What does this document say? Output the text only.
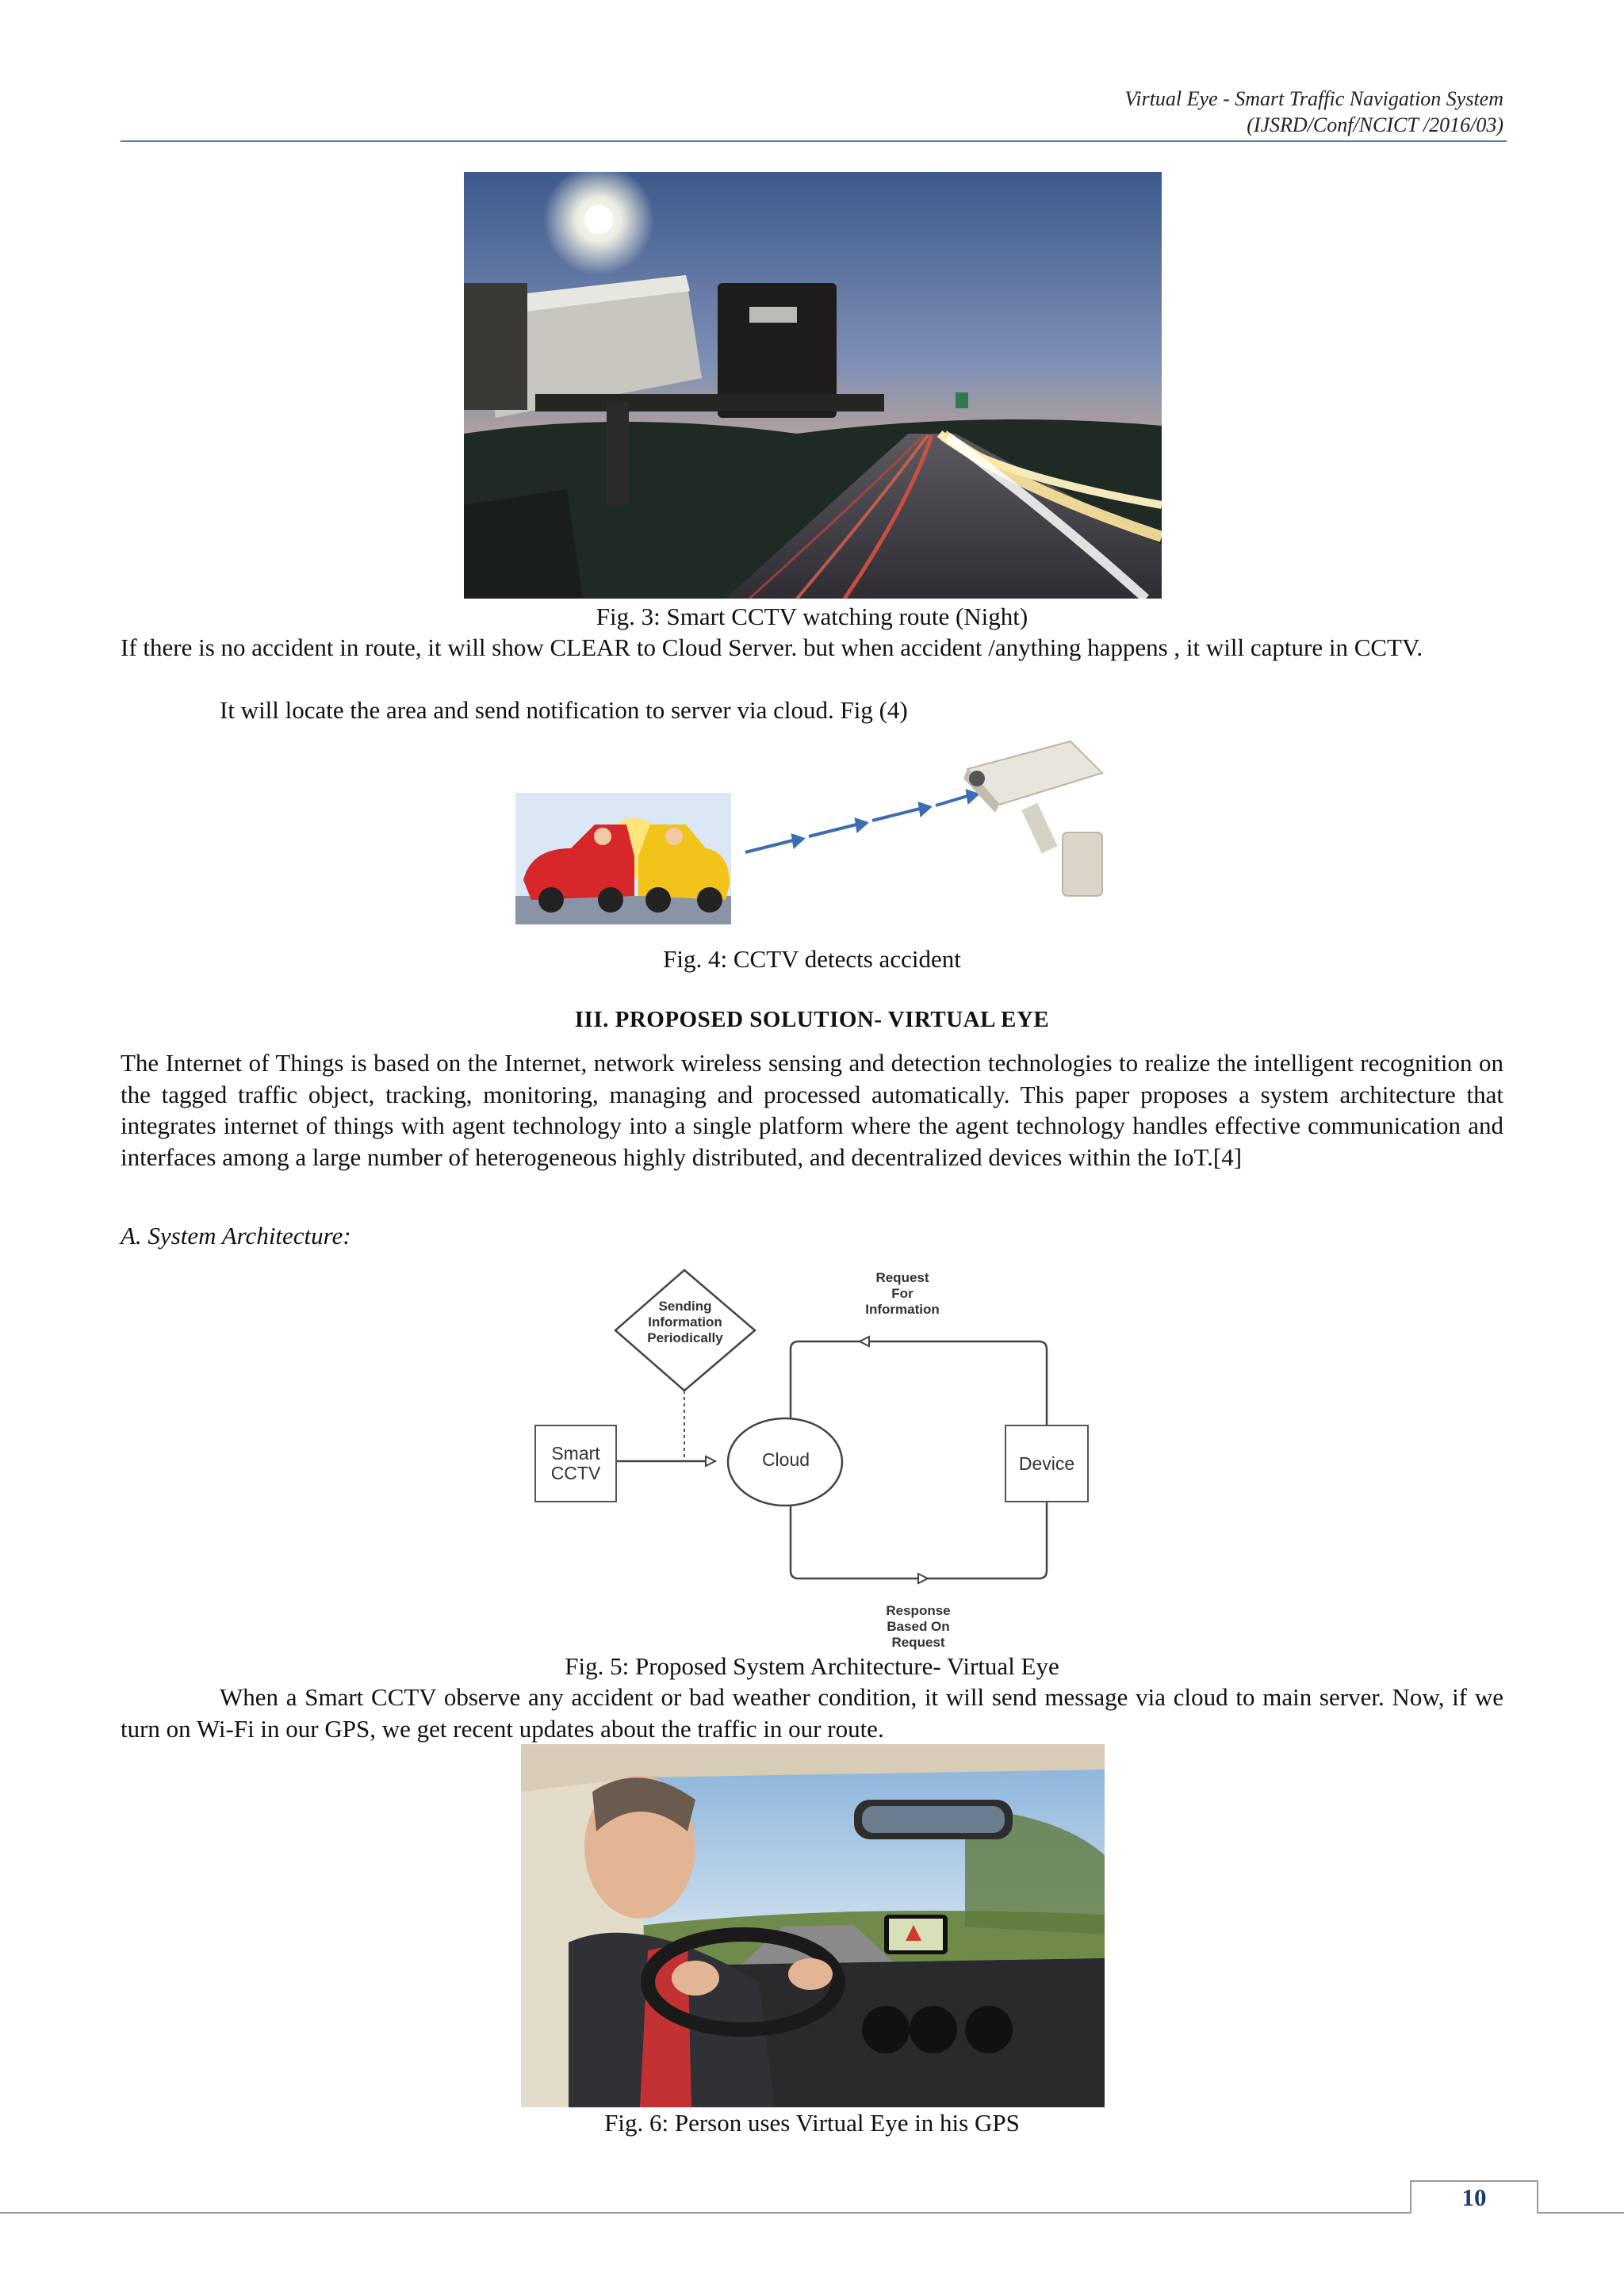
Virtual Eye - Smart Traffic Navigation System
(IJSRD/Conf/NCICT /2016/03)
Fig. 3: Smart CCTV watching route (Night)
If there is no accident in route, it will show CLEAR to Cloud Server. but when accident /anything happens , it will capture in CCTV.
It will locate the area and send notification to server via cloud. Fig (4)
Fig. 4: CCTV detects accident
III. PROPOSED SOLUTION- VIRTUAL EYE
The Internet of Things is based on the Internet, network wireless sensing and detection technologies to realize the intelligent recognition on the tagged traffic object, tracking, monitoring, managing and processed automatically. This paper proposes a system architecture that integrates internet of things with agent technology into a single platform where the agent technology handles effective communication and interfaces among a large number of heterogeneous highly distributed, and decentralized devices within the IoT.[4]
A. System Architecture:
Sending
Information
Periodically
Smart
CCTV
Cloud	Device
Request
For
Information
Response
Based On
Request
Fig. 5: Proposed System Architecture- Virtual Eye
When a Smart CCTV observe any accident or bad weather condition, it will send message via cloud to main server. Now, if we turn on Wi-Fi in our GPS, we get recent updates about the traffic in our route.
Fig. 6: Person uses Virtual Eye in his GPS
10
